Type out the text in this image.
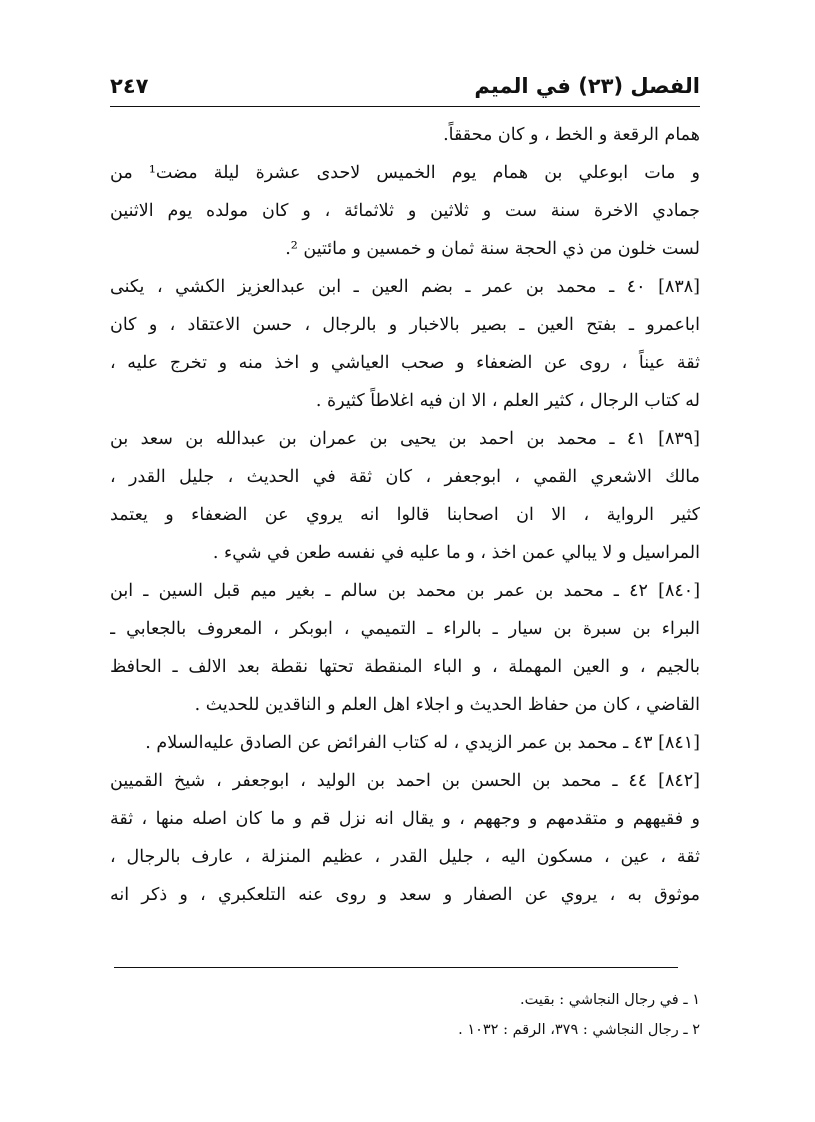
الفصل (٢٣) في الميم
٢٤٧
همام الرقعة و الخط ، و كان محققاً.
و مات ابوعلي بن همام يوم الخميس لاحدى عشرة ليلة مضت¹ من
جمادي الاخرة سنة ست و ثلاثين و ثلاثمائة ، و كان مولده يوم الاثنين
لست خلون من ذي الحجة سنة ثمان و خمسين و مائتين ².
[٨٣٨] ٤٠ ـ محمد بن عمر ـ بضم العين ـ ابن عبدالعزيز الكشي ، يكنى
اباعمرو ـ بفتح العين ـ بصير بالاخبار و بالرجال ، حسن الاعتقاد ، و كان
ثقة عيناً ، روى عن الضعفاء و صحب العياشي و اخذ منه و تخرج عليه ،
له كتاب الرجال ، كثير العلم ، الا ان فيه اغلاطاً كثيرة .
[٨٣٩] ٤١ ـ محمد بن احمد بن يحيى بن عمران بن عبدالله بن سعد بن
مالك الاشعري القمي ، ابوجعفر ، كان ثقة في الحديث ، جليل القدر ،
كثير الرواية ، الا ان اصحابنا قالوا انه يروي عن الضعفاء و يعتمد
المراسيل و لا يبالي عمن اخذ ، و ما عليه في نفسه طعن في شيء .
[٨٤٠] ٤٢ ـ محمد بن عمر بن محمد بن سالم ـ بغير ميم قبل السين ـ ابن
البراء بن سبرة بن سيار ـ بالراء ـ التميمي ، ابوبكر ، المعروف بالجعابي ـ
بالجيم ، و العين المهملة ، و الباء المنقطة تحتها نقطة بعد الالف ـ الحافظ
القاضي ، كان من حفاظ الحديث و اجلاء اهل العلم و الناقدين للحديث .
[٨٤١] ٤٣ ـ محمد بن عمر الزيدي ، له كتاب الفرائض عن الصادق عليه‌السلام .
[٨٤٢] ٤٤ ـ محمد بن الحسن بن احمد بن الوليد ، ابوجعفر ، شيخ القميين
و فقيههم و متقدمهم و وجههم ، و يقال انه نزل قم و ما كان اصله منها ، ثقة
ثقة ، عين ، مسكون اليه ، جليل القدر ، عظيم المنزلة ، عارف بالرجال ،
موثوق به ، يروي عن الصفار و سعد و روى عنه التلعكبري ، و ذكر انه
١ ـ في رجال النجاشي : بقيت.
٢ ـ رجال النجاشي : ٣٧٩، الرقم : ١٠٣٢ .
